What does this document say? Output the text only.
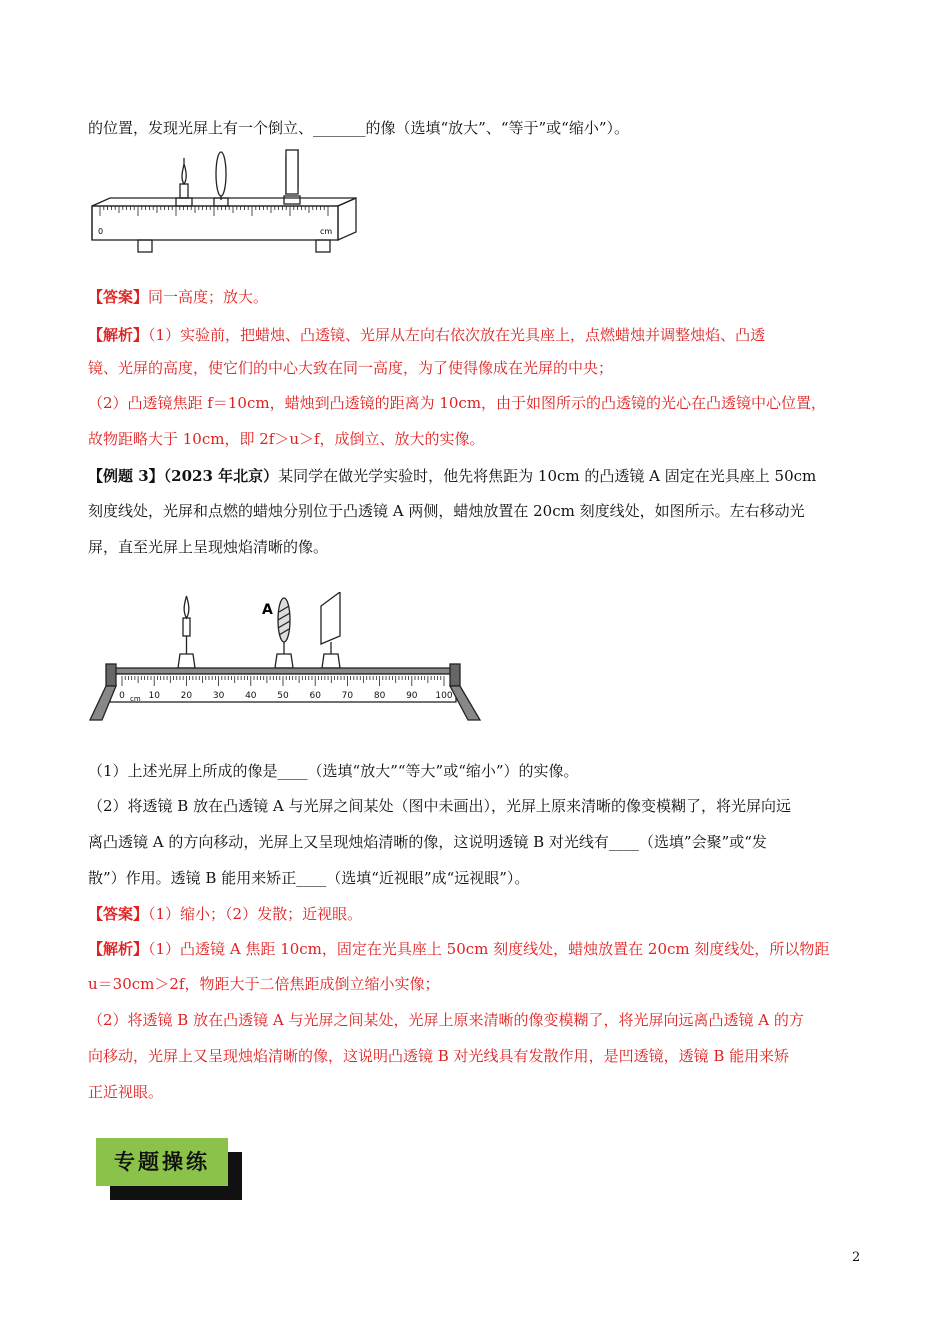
的位置，发现光屏上有一个倒立、_______的像（选填“放大”、“等于”或“缩小”）。
0	cm
【答案】同一高度；放大。
【解析】（1）实验前，把蜡烛、凸透镜、光屏从左向右依次放在光具座上，点燃蜡烛并调整烛焰、凸透
镜、光屏的高度，使它们的中心大致在同一高度，为了使得像成在光屏的中央；
（2）凸透镜焦距 f＝10cm，蜡烛到凸透镜的距离为 10cm，由于如图所示的凸透镜的光心在凸透镜中心位置，
故物距略大于 10cm，即 2f＞u＞f，成倒立、放大的实像。
【例题 3】（2023 年北京）某同学在做光学实验时，他先将焦距为 10cm 的凸透镜 A 固定在光具座上 50cm
刻度线处，光屏和点燃的蜡烛分别位于凸透镜 A 两侧，蜡烛放置在 20cm 刻度线处，如图所示。左右移动光
屏，直至光屏上呈现烛焰清晰的像。
0	10 20 30 40 50 60 70 80 90 100
cm
A
（1）上述光屏上所成的像是____（选填“放大”“等大”或“缩小”）的实像。
（2）将透镜 B 放在凸透镜 A 与光屏之间某处（图中未画出），光屏上原来清晰的像变模糊了，将光屏向远
离凸透镜 A 的方向移动，光屏上又呈现烛焰清晰的像，这说明透镜 B 对光线有____（选填”会聚”或“发
散”）作用。透镜 B 能用来矫正____（选填“近视眼”成“远视眼”）。
【答案】（1）缩小；（2）发散；近视眼。
【解析】（1）凸透镜 A 焦距 10cm，固定在光具座上 50cm 刻度线处，蜡烛放置在 20cm 刻度线处，所以物距
u＝30cm＞2f，物距大于二倍焦距成倒立缩小实像；
（2）将透镜 B 放在凸透镜 A 与光屏之间某处，光屏上原来清晰的像变模糊了，将光屏向远离凸透镜 A 的方
向移动，光屏上又呈现烛焰清晰的像，这说明凸透镜 B 对光线具有发散作用，是凹透镜，透镜 B 能用来矫
正近视眼。
专题操练
2
